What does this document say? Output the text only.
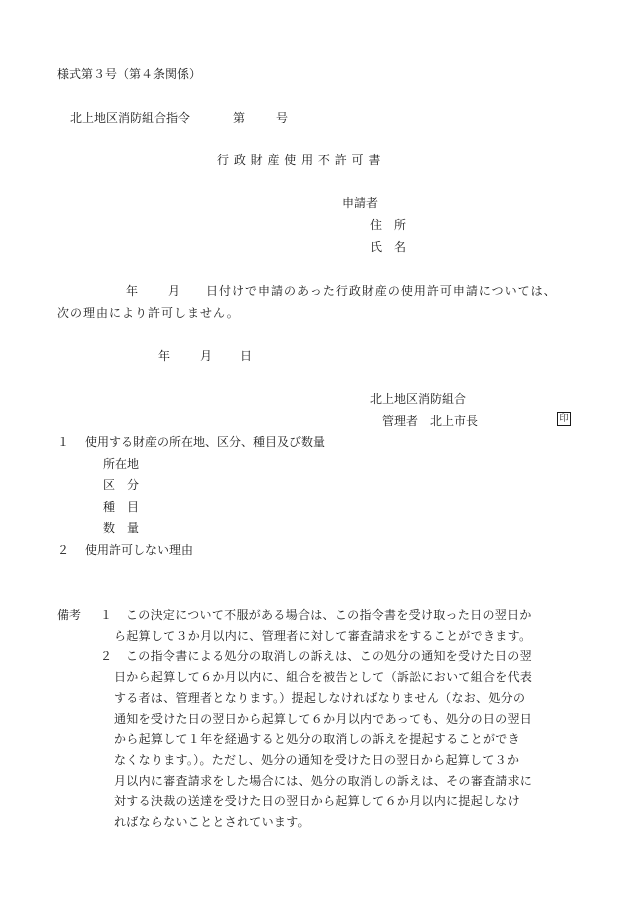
様式第３号（第４条関係）
北上地区消防組合指令	第	号
行 政 財 産 使 用 不 許 可 書
申請者
住　所
氏　名
年 月 日付けで申請のあった行政財産の使用許可申請については、
次の理由により許可しません。
年 月 日
北上地区消防組合
管理者　北上市長	印
１ 使用する財産の所在地、区分、種目及び数量
所在地
区　分
種　目
数　量
２ 使用許可しない理由
備考 １ この決定について不服がある場合は、この指令書を受け取った日の翌日か
ら起算して３か月以内に、管理者に対して審査請求をすることができます。
２ この指令書による処分の取消しの訴えは、この処分の通知を受けた日の翌
日から起算して６か月以内に、組合を被告として（訴訟において組合を代表
する者は、管理者となります。）提起しなければなりません（なお、処分の
通知を受けた日の翌日から起算して６か月以内であっても、処分の日の翌日
から起算して１年を経過すると処分の取消しの訴えを提起することができ
なくなります。）。ただし、処分の通知を受けた日の翌日から起算して３か
月以内に審査請求をした場合には、処分の取消しの訴えは、その審査請求に
対する決裁の送達を受けた日の翌日から起算して６か月以内に提起しなけ
ればならないこととされています。
